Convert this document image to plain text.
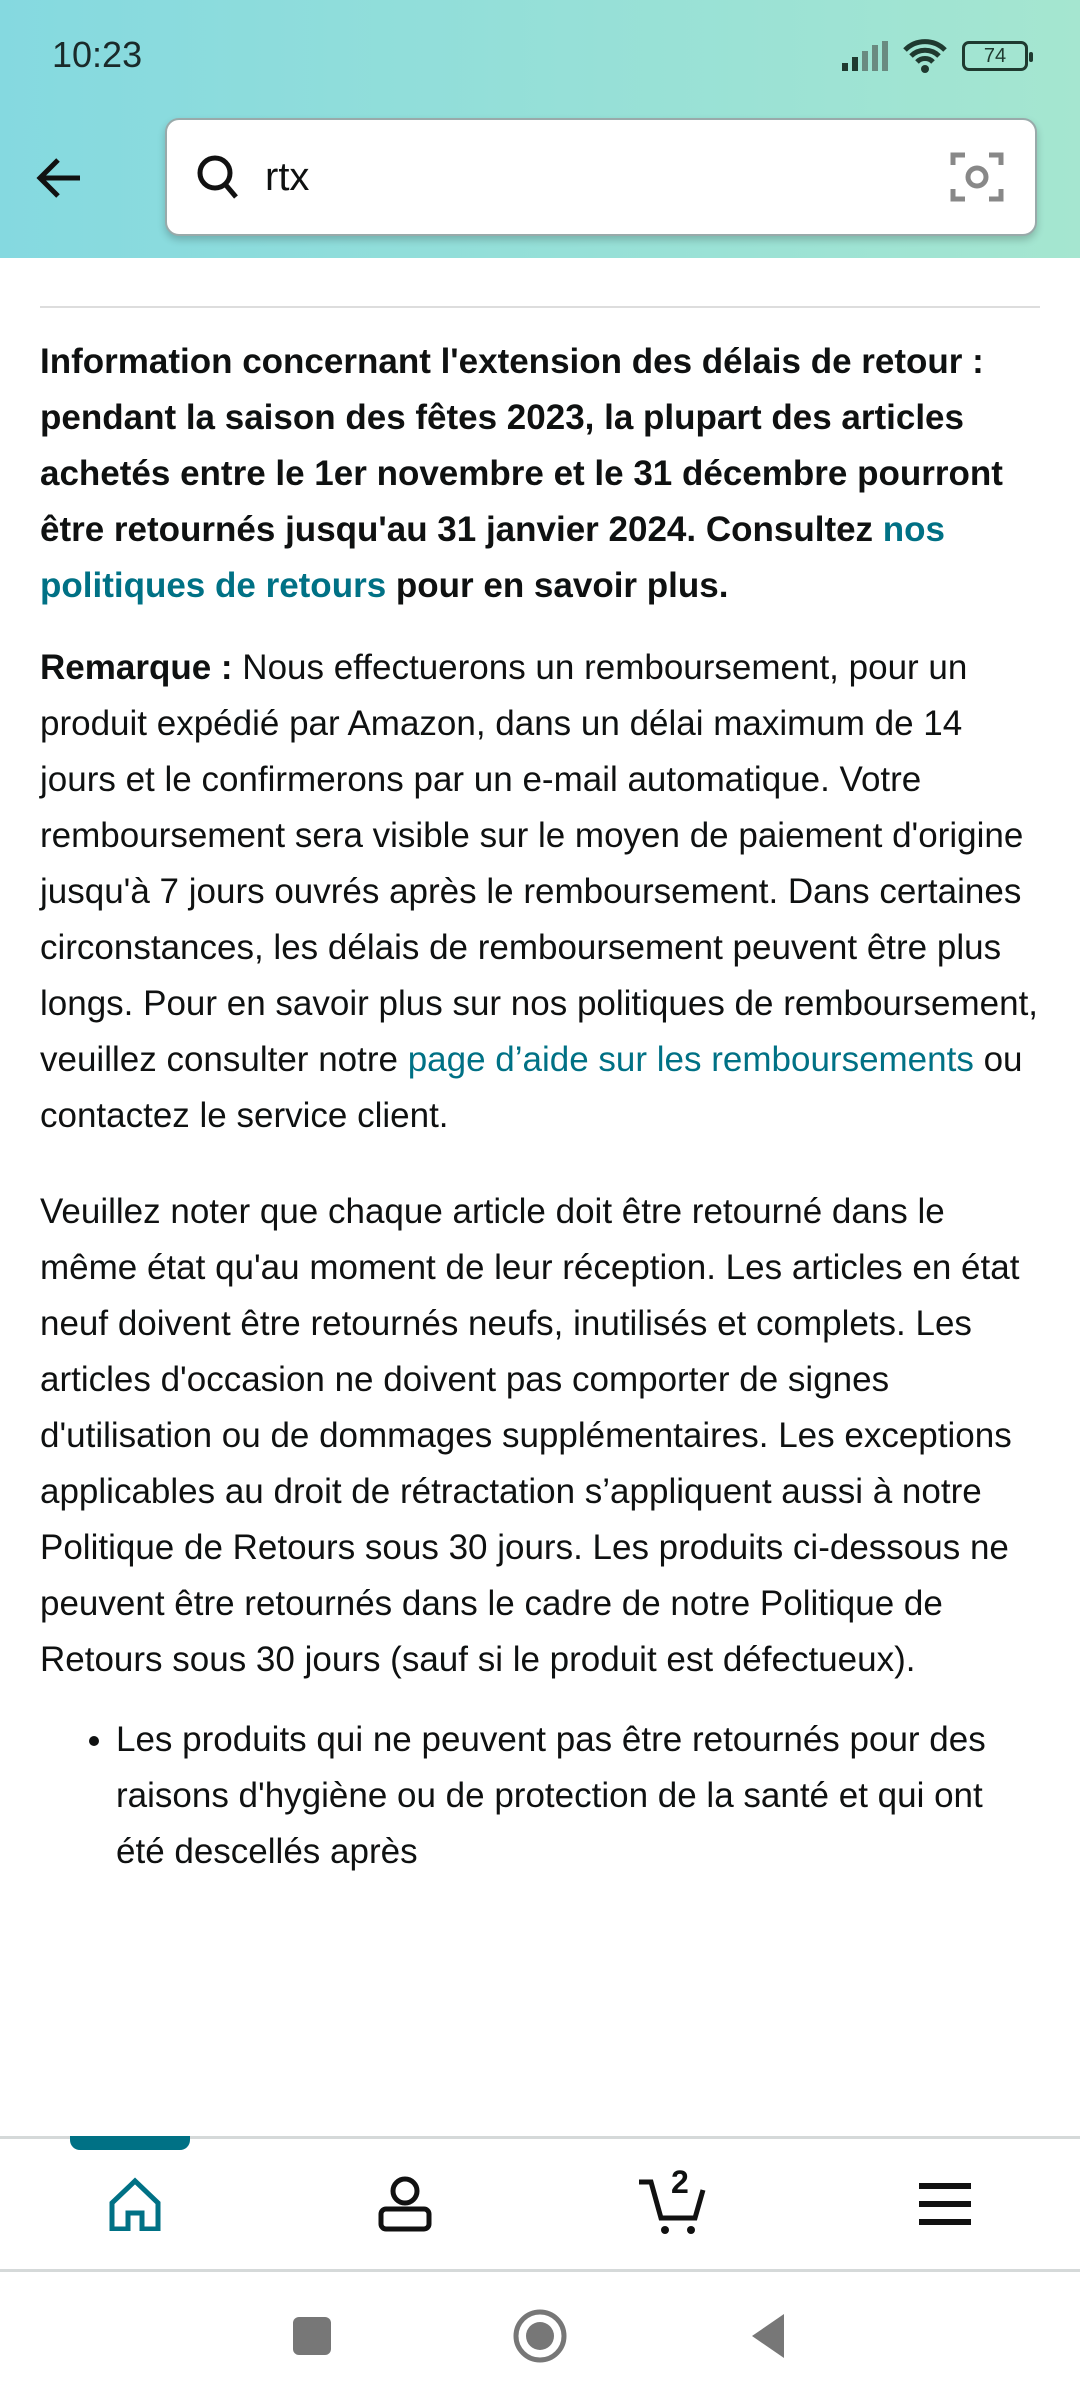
10:23	74
rtx

Information concernant l'extension des délais de retour : pendant la saison des fêtes 2023, la plupart des articles achetés entre le 1er novembre et le 31 décembre pourront être retournés jusqu'au 31 janvier 2024. Consultez nos politiques de retours pour en savoir plus.

Remarque : Nous effectuerons un remboursement, pour un produit expédié par Amazon, dans un délai maximum de 14 jours et le confirmerons par un e-mail automatique. Votre remboursement sera visible sur le moyen de paiement d'origine jusqu'à 7 jours ouvrés après le remboursement. Dans certaines circonstances, les délais de remboursement peuvent être plus longs. Pour en savoir plus sur nos politiques de remboursement, veuillez consulter notre page d’aide sur les remboursements ou contactez le service client.

Veuillez noter que chaque article doit être retourné dans le même état qu'au moment de leur réception. Les articles en état neuf doivent être retournés neufs, inutilisés et complets. Les articles d'occasion ne doivent pas comporter de signes d'utilisation ou de dommages supplémentaires. Les exceptions applicables au droit de rétractation s’appliquent aussi à notre Politique de Retours sous 30 jours. Les produits ci-dessous ne peuvent être retournés dans le cadre de notre Politique de Retours sous 30 jours (sauf si le produit est défectueux).

• Les produits qui ne peuvent pas être retournés pour des raisons d'hygiène ou de protection de la santé et qui ont été descellés après
2
